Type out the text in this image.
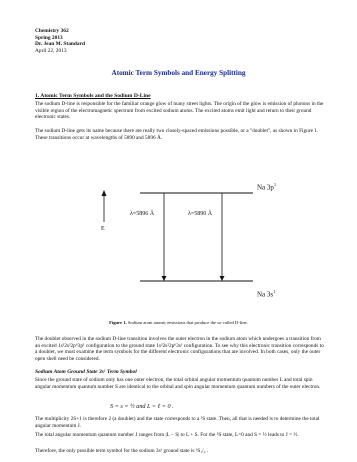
Chemistry 362
Spring 2013
Dr. Jean M. Standard
April 22, 2013
Atomic Term Symbols and Energy Splitting
1. Atomic Term Symbols and the Sodium D-Line
The sodium D-line is responsible for the familiar orange glow of many street lights. The origin of the glow is emission of photons in the visible region of the electromagnetic spectrum from excited sodium atoms. The excited atoms emit light and return to their ground electronic states.
The sodium D-line gets its name because there are really two closely-spaced emissions possible, or a "doublet", as shown in Figure 1. These transitions occur at wavelengths of 5890 and 5896 Å.
Na $3p^1$
Na $3s^1$
λ=5896 Å	λ=5890 Å
E
Figure 1. Sodium atom atomic emissions that produce the so-called D-line.
The doublet observed in the sodium D-line transition involves the outer electron in the sodium atom which undergoes a transition from an excited 1s²2s²2p⁶3p¹ configuration to the ground state 1s²2s²2p⁶3s¹ configuration. To see why this electronic transition corresponds to a doublet, we must examine the term symbols for the different electronic configurations that are involved. In both cases, only the outer open shell need be considered.
Sodium Atom Ground State 3s¹ Term Symbol
Since the ground state of sodium only has one outer electron, the total orbital angular momentum quantum number L and total spin angular momentum quantum number S are identical to the orbital and spin angular momentum quantum numbers of the outer electron.
S = s = ½ and L = ℓ = 0 .
The multiplicity 2S+1 is therefore 2 (a doublet) and the state corresponds to a ²S state. Then, all that is needed is to determine the total angular momentum J.
The total angular momentum quantum number J ranges from |L − S| to L + S. For the ²S state, L=0 and S = ½ leads to J = ½.
Therefore, the only possible term symbol for the sodium 3s¹ ground state is ²S₁/₂ .
